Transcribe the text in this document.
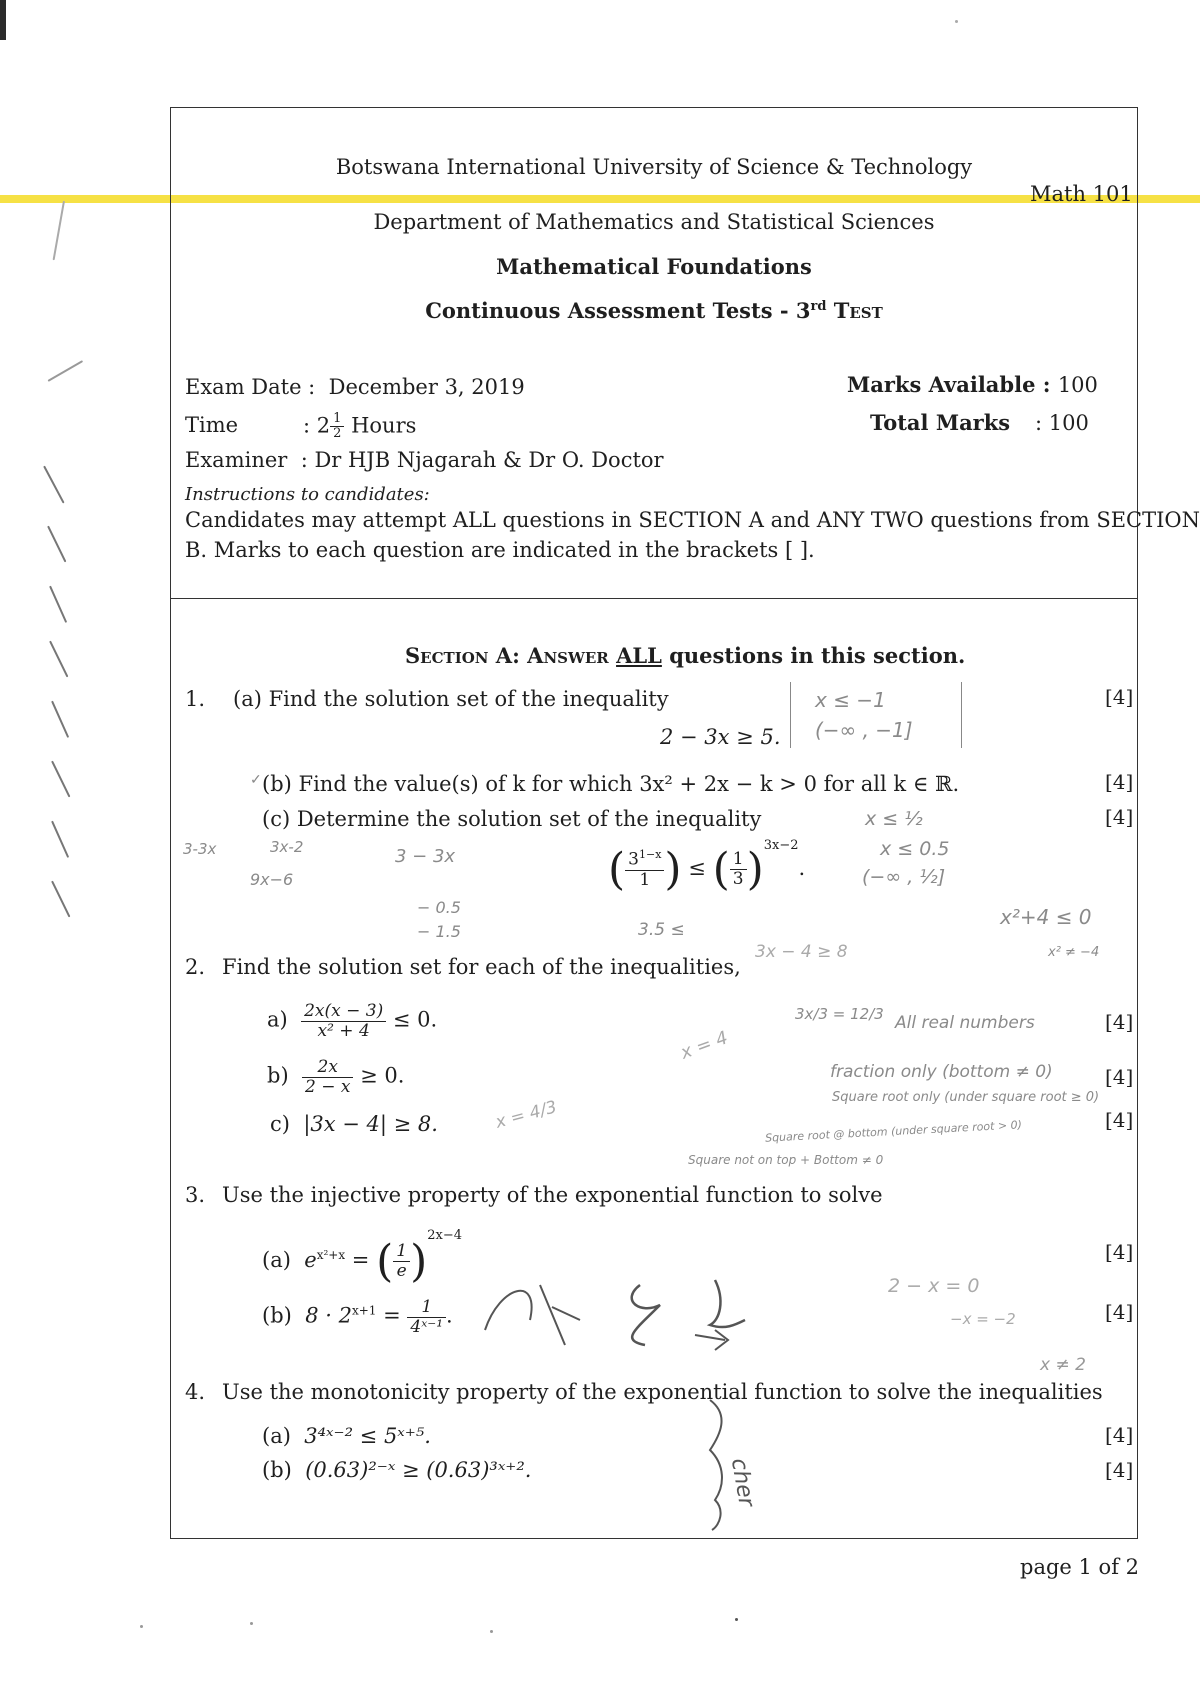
Botswana International University of Science & Technology
Math 101
Department of Mathematics and Statistical Sciences
Mathematical Foundations
Continuous Assessment Tests - 3rd Test
Exam Date : December 3, 2019
Time	: $2 \frac{1}{2}$ Hours
Examiner : Dr HJB Njagarah & Dr O. Doctor
Marks Available : 100
Total Marks : 100
Instructions to candidates:
Candidates may attempt ALL questions in SECTION A and ANY TWO questions from SECTION
B. Marks to each question are indicated in the brackets [ ].
Section A: Answer ALL questions in this section.
1. (a) Find the solution set of the inequality
2 − 3x ≥ 5.
[4]
(b) Find the value(s) of k for which 3x² + 2x − k > 0 for all k ∈ ℝ.	[4]
(c) Determine the solution set of the inequality	[4]
( $\frac{3^{1-x}}{1}$ ) ≤ ( $\frac{1}{3} )^{3x-2}$.
2. Find the solution set for each of the inequalities,
$a) \frac{2x(x - 3)}{\text{x² + 4}} \le 0$.	[4]
$b) \frac{2x}{2 - x} \ge 0$.	[4]
c) |3x − 4| ≥ 8.	[4]
3. Use the injective property of the exponential function to solve
(a) $e^{x^2+x}$ = ( $\frac{1}{e} )^{2x-4}$
[4]
(b) $8 \cdot 2^{x+1} = \frac{1}{\text{4ˣ⁻¹}}$ .	[4]
4. Use the monotonicity property of the exponential function to solve the inequalities
(a) 3⁴ˣ⁻² ≤ 5ˣ⁺⁵.	[4]
(b) (0.63)²⁻ˣ ≥ (0.63)³ˣ⁺².	[4]
page 1 of 2
x ≤ −1
(−∞ , −1]
✓
x ≤ ½
x ≤ 0.5
(−∞ , ½]
3-3x	3x-2
9x−6
3 − 3x
− 0.5
− 1.5	3.5 ≤
x²+4 ≤ 0
x² ≠ −4
3x − 4 ≥ 8
3x/3 = 12/3 All real numbers
fraction only (bottom ≠ 0)
Square root only (under square root ≥ 0)
Square root @ bottom (under square root > 0)
Square not on top + Bottom ≠ 0
x = 4
x = 4/3
2 − x = 0
−x = −2
x ≠ 2
cher
